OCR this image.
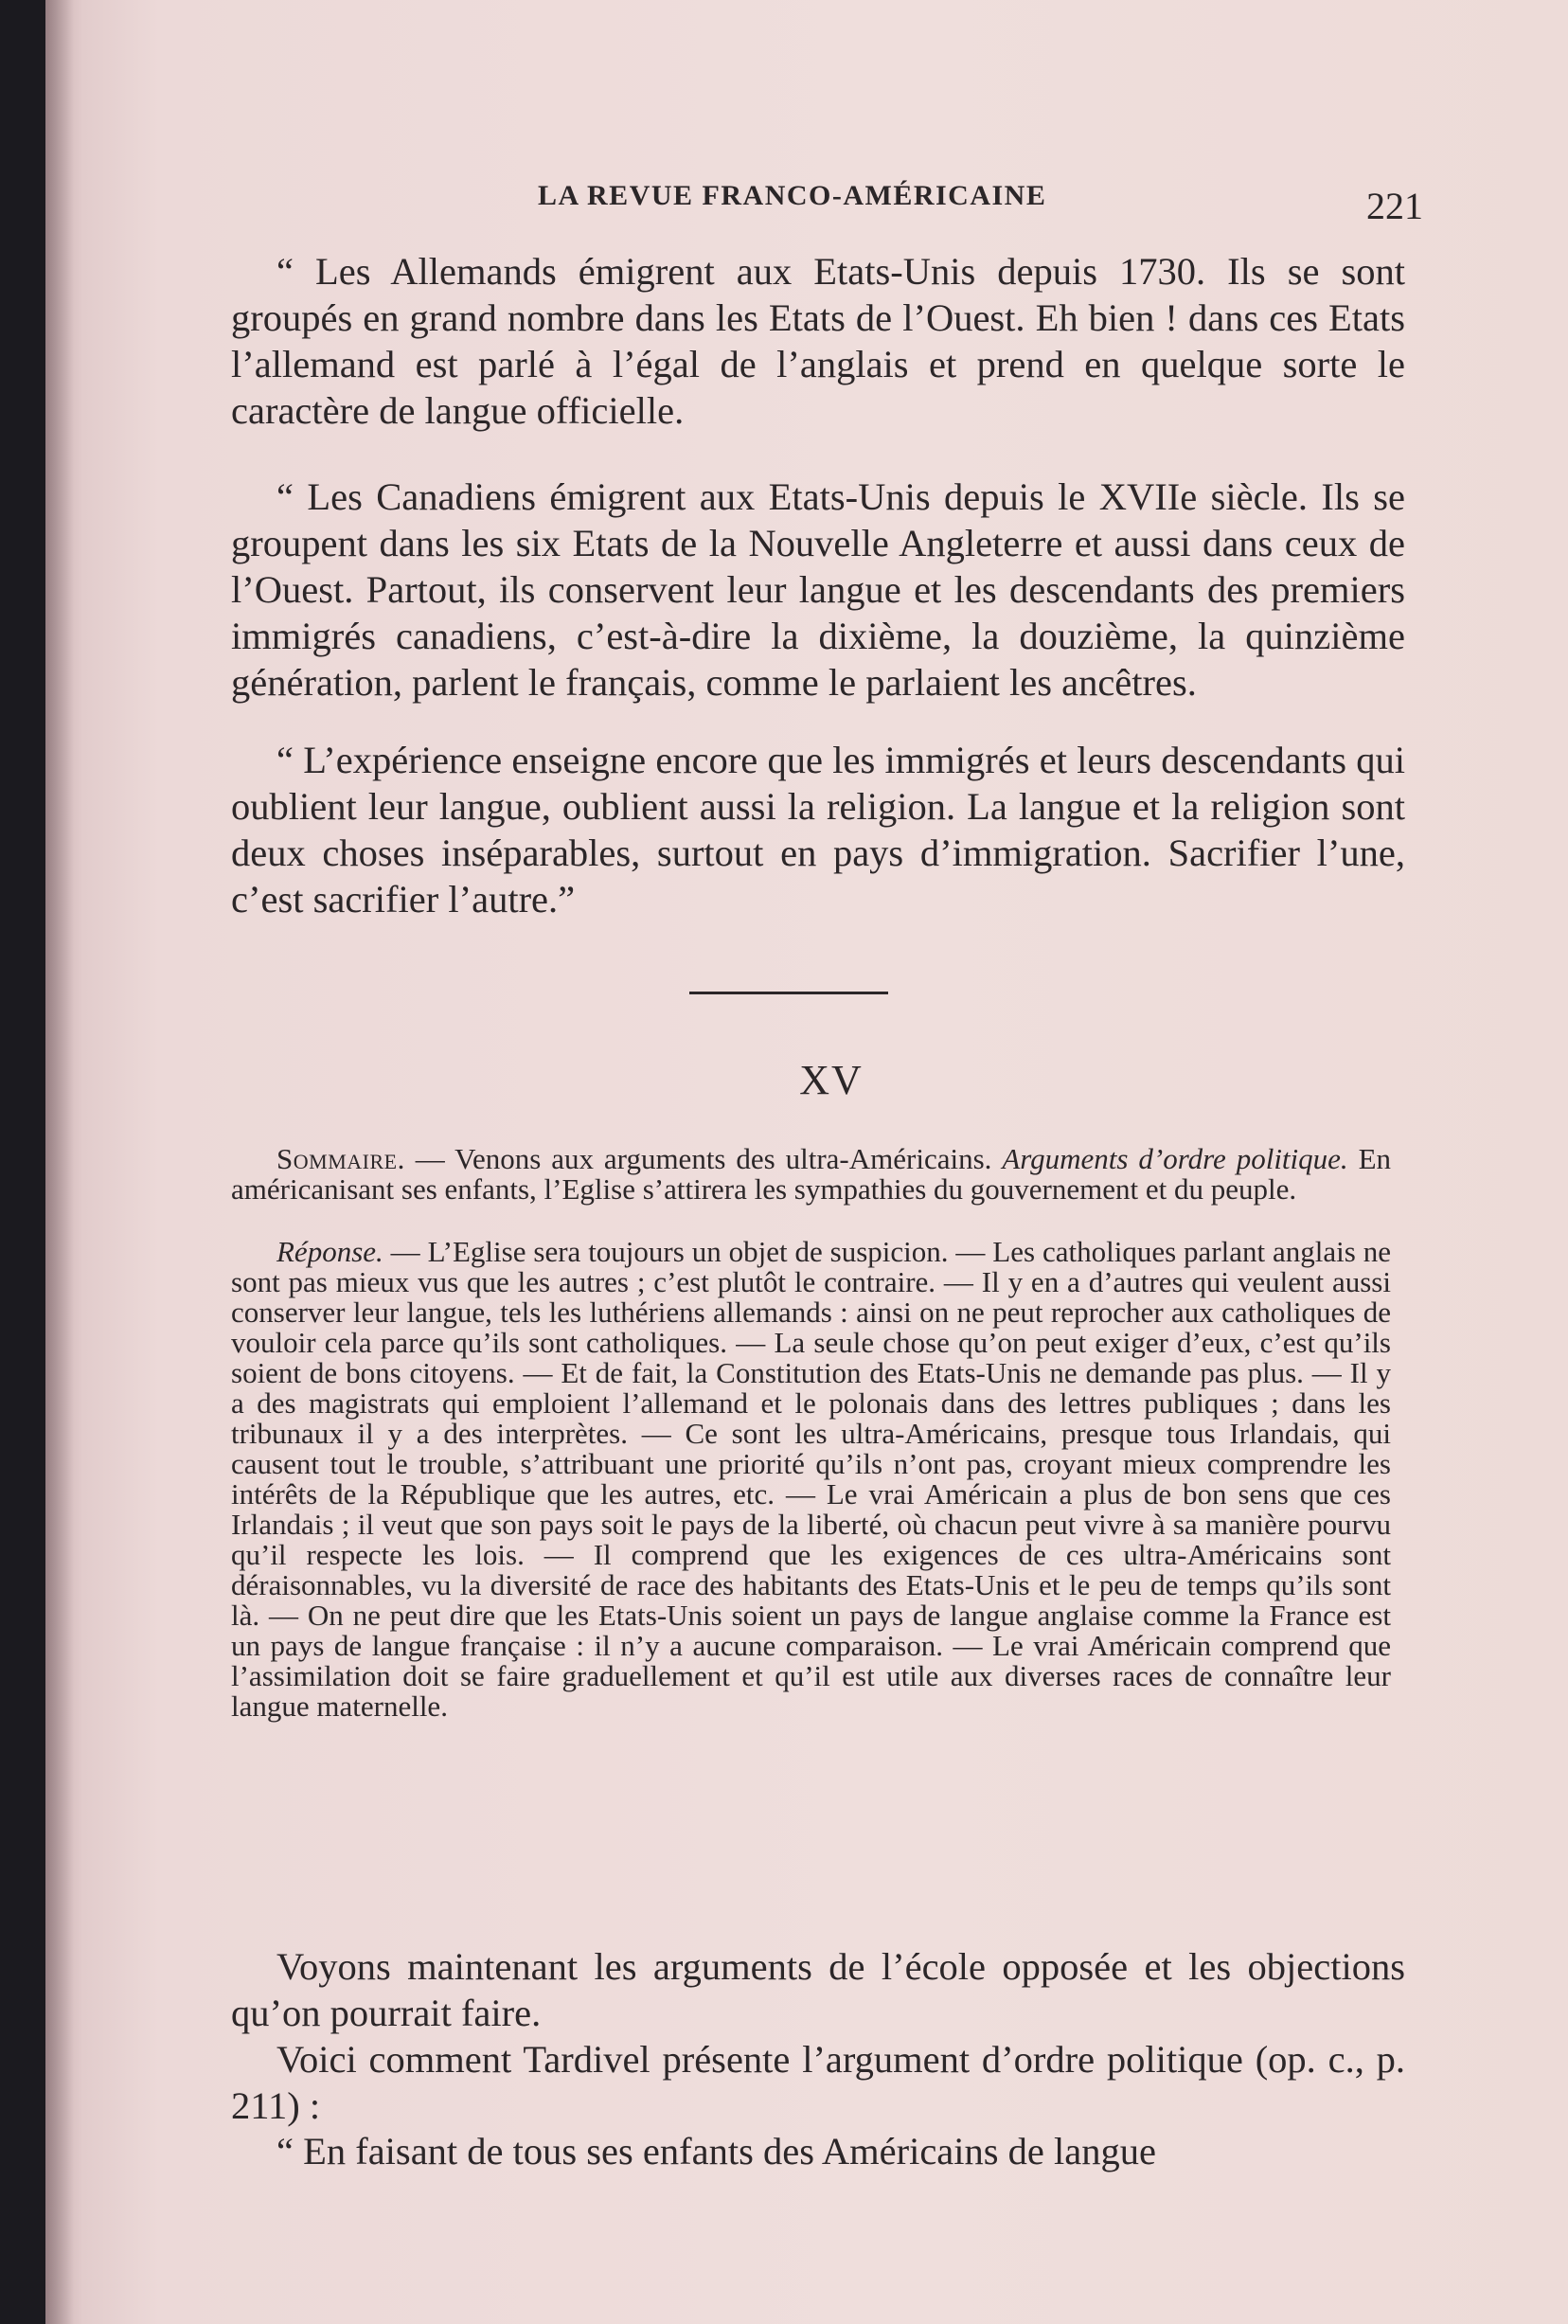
LA REVUE FRANCO-AMÉRICAINE	221

“ Les Allemands émigrent aux Etats-Unis depuis 1730. Ils se sont groupés en grand nombre dans les Etats de l’Ouest. Eh bien ! dans ces Etats l’allemand est parlé à l’égal de l’anglais et prend en quelque sorte le caractère de langue officielle.

“ Les Canadiens émigrent aux Etats-Unis depuis le XVIIe siècle. Ils se groupent dans les six Etats de la Nouvelle Angleterre et aussi dans ceux de l’Ouest. Partout, ils conservent leur langue et les descendants des premiers immigrés canadiens, c’est-à-dire la dixième, la douzième, la quinzième génération, parlent le français, comme le parlaient les ancêtres.

“ L’expérience enseigne encore que les immigrés et leurs descendants qui oublient leur langue, oublient aussi la religion. La langue et la religion sont deux choses inséparables, surtout en pays d’immigration. Sacrifier l’une, c’est sacrifier l’autre.”

XV

Sommaire. — Venons aux arguments des ultra-Américains. Arguments d’ordre politique. En américanisant ses enfants, l’Eglise s’attirera les sympathies du gouvernement et du peuple.

Réponse. — L’Eglise sera toujours un objet de suspicion. — Les catholiques parlant anglais ne sont pas mieux vus que les autres ; c’est plutôt le contraire. — Il y en a d’autres qui veulent aussi conserver leur langue, tels les luthériens allemands : ainsi on ne peut reprocher aux catholiques de vouloir cela parce qu’ils sont catholiques. — La seule chose qu’on peut exiger d’eux, c’est qu’ils soient de bons citoyens. — Et de fait, la Constitution des Etats-Unis ne demande pas plus. — Il y a des magistrats qui emploient l’allemand et le polonais dans des lettres publiques ; dans les tribunaux il y a des interprètes. — Ce sont les ultra-Américains, presque tous Irlandais, qui causent tout le trouble, s’attribuant une priorité qu’ils n’ont pas, croyant mieux comprendre les intérêts de la République que les autres, etc. — Le vrai Américain a plus de bon sens que ces Irlandais ; il veut que son pays soit le pays de la liberté, où chacun peut vivre à sa manière pourvu qu’il respecte les lois. — Il comprend que les exigences de ces ultra-Américains sont déraisonnables, vu la diversité de race des habitants des Etats-Unis et le peu de temps qu’ils sont là. — On ne peut dire que les Etats-Unis soient un pays de langue anglaise comme la France est un pays de langue française : il n’y a aucune comparaison. — Le vrai Américain comprend que l’assimilation doit se faire graduellement et qu’il est utile aux diverses races de connaître leur langue maternelle.

Voyons maintenant les arguments de l’école opposée et les objections qu’on pourrait faire.

Voici comment Tardivel présente l’argument d’ordre politique (op. c., p. 211) :

“ En faisant de tous ses enfants des Américains de langue
